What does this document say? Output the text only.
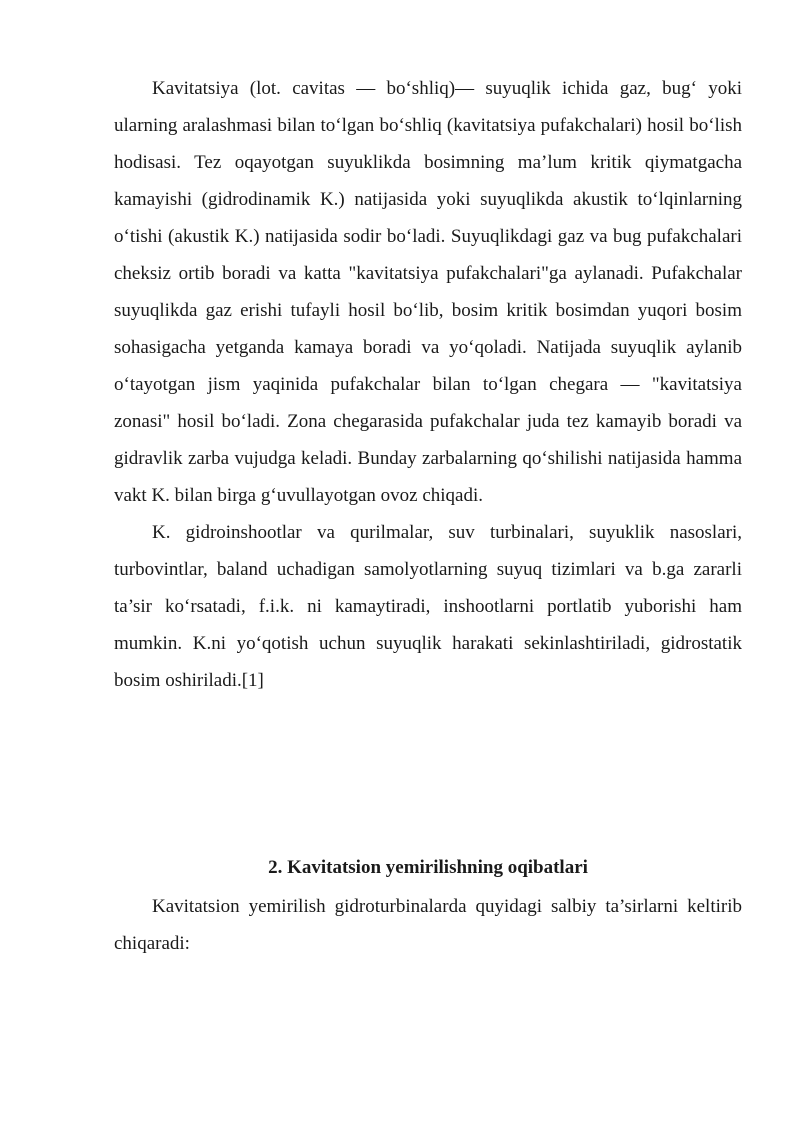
Kavitatsiya (lot. cavitas — bo‘shliq)— suyuqlik ichida gaz, bug‘ yoki ularning aralashmasi bilan to‘lgan bo‘shliq (kavitatsiya pufakchalari) hosil bo‘lish hodisasi. Tez oqayotgan suyuklikda bosimning ma’lum kritik qiymatgacha kamayishi (gidrodinamik K.) natijasida yoki suyuqlikda akustik to‘lqinlarning o‘tishi (akustik K.) natijasida sodir bo‘ladi. Suyuqlikdagi gaz va bug pufakchalari cheksiz ortib boradi va katta "kavitatsiya pufakchalari"ga aylanadi. Pufakchalar suyuqlikda gaz erishi tufayli hosil bo‘lib, bosim kritik bosimdan yuqori bosim sohasigacha yetganda kamaya boradi va yo‘qoladi. Natijada suyuqlik aylanib o‘tayotgan jism yaqinida pufakchalar bilan to‘lgan chegara — "kavitatsiya zonasi" hosil bo‘ladi. Zona chegarasida pufakchalar juda tez kamayib boradi va gidravlik zarba vujudga keladi. Bunday zarbalarning qo‘shilishi natijasida hamma vakt K. bilan birga g‘uvullayotgan ovoz chiqadi.

K. gidroinshootlar va qurilmalar, suv turbinalari, suyuklik nasoslari, turbovintlar, baland uchadigan samolyotlarning suyuq tizimlari va b.ga zararli ta’sir ko‘rsatadi, f.i.k. ni kamaytiradi, inshootlarni portlatib yuborishi ham mumkin. K.ni yo‘qotish uchun suyuqlik harakati sekinlashtiriladi, gidrostatik bosim oshiriladi.[1]

2. Kavitatsion yemirilishning oqibatlari

Kavitatsion yemirilish gidroturbinalarda quyidagi salbiy ta’sirlarni keltirib chiqaradi:
